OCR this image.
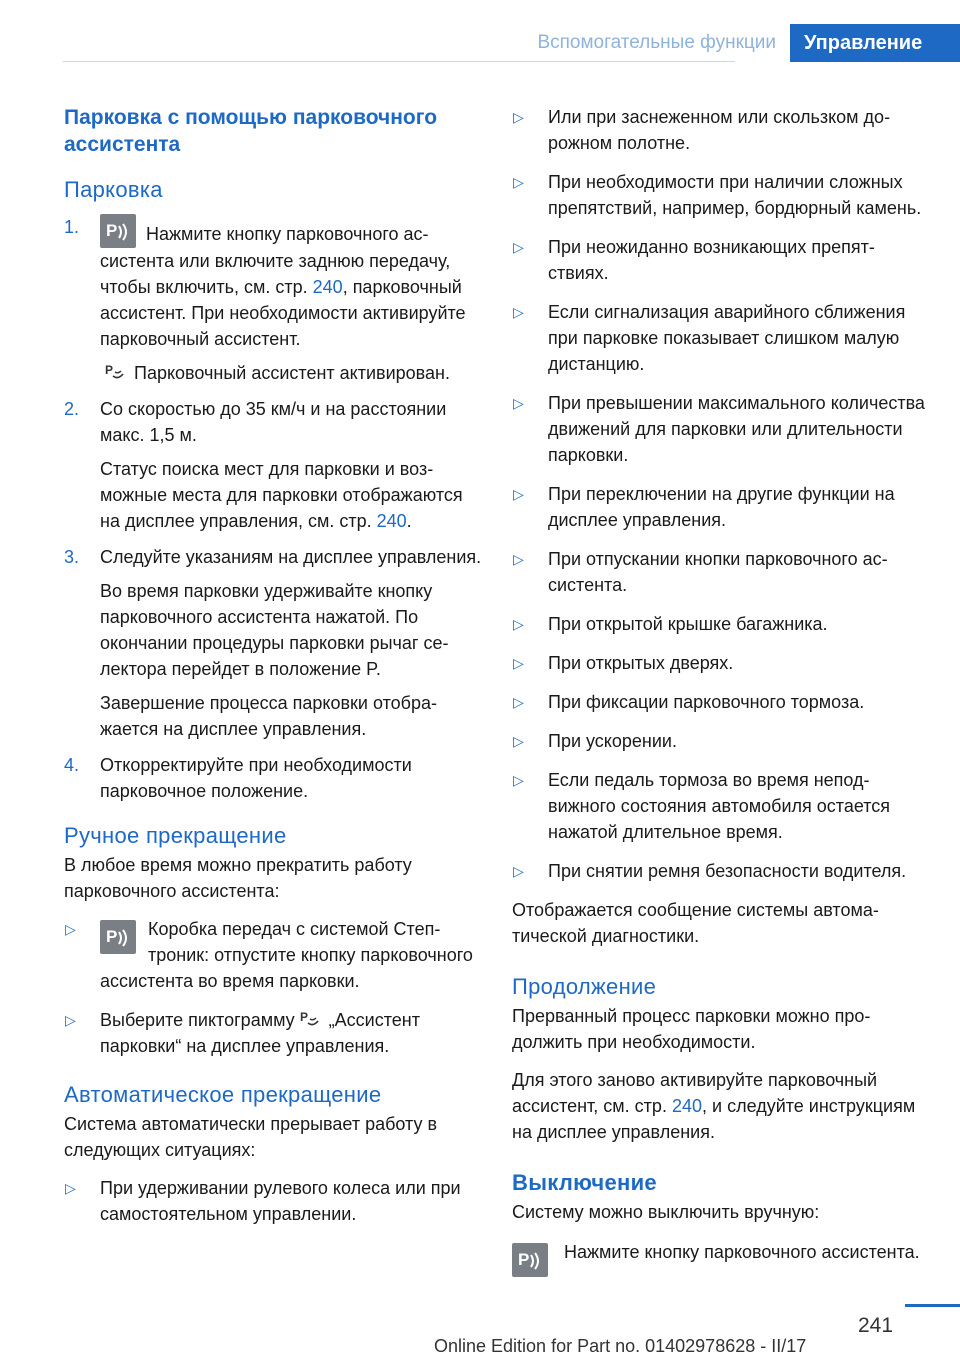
Вспомогательные функции	Управление
Парковка с помощью парковочного ассистента
Парковка
1. P Нажмите кнопку парковочного ассистента или включите заднюю передачу, чтобы включить, см. стр. 240, парковочный ассистент. При необходимости активируйте парковочный ассистент.

P Парковочный ассистент активирован.

2. Со скоростью до 35 км/ч и на расстоянии макс. 1,5 м.

Статус поиска мест для парковки и возможные места для парковки отображаются на дисплее управления, см. стр. 240.

3. Следуйте указаниям на дисплее управления.

Во время парковки удерживайте кнопку парковочного ассистента нажатой. По окончании процедуры парковки рычаг селектора перейдет в положение P.

Завершение процесса парковки отображается на дисплее управления.

4. Откорректируйте при необходимости парковочное положение.

Ручное прекращение
В любое время можно прекратить работу парковочного ассистента:
▷ P Коробка передач с системой Стептроник: отпустите кнопку парковочного ассистента во время парковки.
▷ Выберите пиктограмму P „Ассистент парковки“ на дисплее управления.
Автоматическое прекращение
Система автоматически прерывает работу в следующих ситуациях:
▷ При удерживании рулевого колеса или при самостоятельном управлении.
▷ Или при заснеженном или скользком дорожном полотне.
▷ При необходимости при наличии сложных препятствий, например, бордюрный камень.
▷ При неожиданно возникающих препятствиях.
▷ Если сигнализация аварийного сближения при парковке показывает слишком малую дистанцию.
▷ При превышении максимального количества движений для парковки или длительности парковки.
▷ При переключении на другие функции на дисплее управления.
▷ При отпускании кнопки парковочного ассистента.
▷ При открытой крышке багажника.
▷ При открытых дверях.
▷ При фиксации парковочного тормоза.
▷ При ускорении.
▷ Если педаль тормоза во время неподвижного состояния автомобиля остается нажатой длительное время.
▷ При снятии ремня безопасности водителя.
Отображается сообщение системы автоматической диагностики.
Продолжение
Прерванный процесс парковки можно продолжить при необходимости.
Для этого заново активируйте парковочный ассистент, см. стр. 240, и следуйте инструкциям на дисплее управления.
Выключение
Систему можно выключить вручную:
P Нажмите кнопку парковочного ассистента.
241
Online Edition for Part no. 01402978628 - II/17
